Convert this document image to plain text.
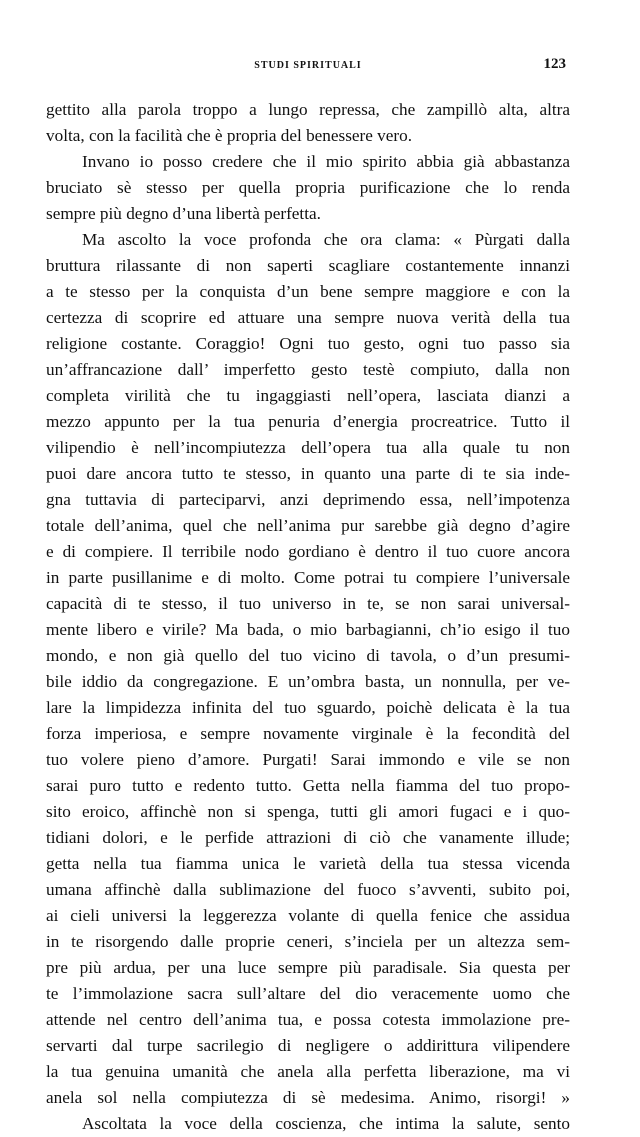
STUDI SPIRITUALI	123
gettito alla parola troppo a lungo repressa, che zampillò alta, altra
volta, con la facilità che è propria del benessere vero.
Invano io posso credere che il mio spirito abbia già abbastanza
bruciato sè stesso per quella propria purificazione che lo renda
sempre più degno d’una libertà perfetta.
Ma ascolto la voce profonda che ora clama: « Pùrgati dalla
bruttura rilassante di non saperti scagliare costantemente innanzi
a te stesso per la conquista d’un bene sempre maggiore e con la
certezza di scoprire ed attuare una sempre nuova verità della tua
religione costante. Coraggio! Ogni tuo gesto, ogni tuo passo sia
un’affrancazione dall’ imperfetto gesto testè compiuto, dalla non
completa virilità che tu ingaggiasti nell’opera, lasciata dianzi a
mezzo appunto per la tua penuria d’energia procreatrice. Tutto il
vilipendio è nell’incompiutezza dell’opera tua alla quale tu non
puoi dare ancora tutto te stesso, in quanto una parte di te sia inde-
gna tuttavia di parteciparvi, anzi deprimendo essa, nell’impotenza
totale dell’anima, quel che nell’anima pur sarebbe già degno d’agire
e di compiere. Il terribile nodo gordiano è dentro il tuo cuore ancora
in parte pusillanime e di molto. Come potrai tu compiere l’universale
capacità di te stesso, il tuo universo in te, se non sarai universal-
mente libero e virile? Ma bada, o mio barbagianni, ch’io esigo il tuo
mondo, e non già quello del tuo vicino di tavola, o d’un presumi-
bile iddio da congregazione. E un’ombra basta, un nonnulla, per ve-
lare la limpidezza infinita del tuo sguardo, poichè delicata è la tua
forza imperiosa, e sempre novamente virginale è la fecondità del
tuo volere pieno d’amore. Purgati! Sarai immondo e vile se non
sarai puro tutto e redento tutto. Getta nella fiamma del tuo propo-
sito eroico, affinchè non si spenga, tutti gli amori fugaci e i quo-
tidiani dolori, e le perfide attrazioni di ciò che vanamente illude;
getta nella tua fiamma unica le varietà della tua stessa vicenda
umana affinchè dalla sublimazione del fuoco s’avventi, subito poi,
ai cieli universi la leggerezza volante di quella fenice che assidua
in te risorgendo dalle proprie ceneri, s’inciela per un altezza sem-
pre più ardua, per una luce sempre più paradisale. Sia questa per
te l’immolazione sacra sull’altare del dio veracemente uomo che
attende nel centro dell’anima tua, e possa cotesta immolazione pre-
servarti dal turpe sacrilegio di negligere o addirittura vilipendere
la tua genuina umanità che anela alla perfetta liberazione, ma vi
anela sol nella compiutezza di sè medesima. Animo, risorgi! »
Ascoltata la voce della coscienza, che intima la salute, sento
